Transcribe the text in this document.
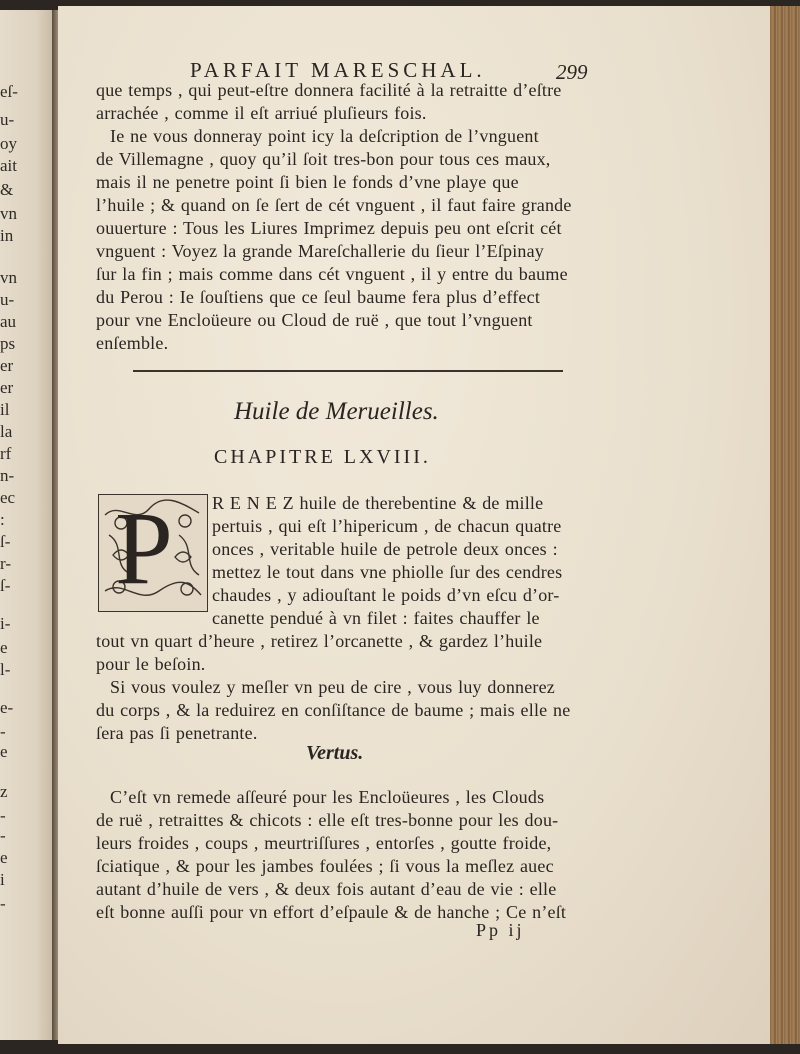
eſ-
u-
oy
ait
&
vn
in
vn
u-
au
ps
er
er
il
la
rf
n-
ec
:
ſ-
r-
ſ-
i-
e
l-
e-
-
e
z
-
-
e
i
-
PARFAIT MARESCHAL.	299
que temps , qui peut-eſtre donnera facilité à la retraitte d’eſtre
arrachée , comme il eſt arriué pluſieurs fois.
Ie ne vous donneray point icy la deſcription de l’vnguent
de Villemagne , quoy qu’il ſoit tres-bon pour tous ces maux,
mais il ne penetre point ſi bien le fonds d’vne playe que
l’huile ; & quand on ſe ſert de cét vnguent , il faut faire grande
ouuerture : Tous les Liures Imprimez depuis peu ont eſcrit cét
vnguent : Voyez la grande Mareſchallerie du ſieur l’Eſpinay
ſur la fin ; mais comme dans cét vnguent , il y entre du baume
du Perou : Ie ſouſtiens que ce ſeul baume fera plus d’effect
pour vne Encloüeure ou Cloud de ruë , que tout l’vnguent
enſemble.
Huile de Merueilles.
CHAPITRE LXVIII.
P R E N E Z huile de therebentine & de mille
pertuis , qui eſt l’hipericum , de chacun quatre
onces , veritable huile de petrole deux onces :
mettez le tout dans vne phiolle ſur des cendres
chaudes , y adiouſtant le poids d’vn eſcu d’or-
canette pendué à vn filet : faites chauffer le
tout vn quart d’heure , retirez l’orcanette , & gardez l’huile
pour le beſoin.
Si vous voulez y meſler vn peu de cire , vous luy donnerez
du corps , & la reduirez en conſiſtance de baume ; mais elle ne
ſera pas ſi penetrante.
Vertus.
C’eſt vn remede aſſeuré pour les Encloüeures , les Clouds
de ruë , retraittes & chicots : elle eſt tres-bonne pour les dou-
leurs froides , coups , meurtriſſures , entorſes , goutte froide,
ſciatique , & pour les jambes foulées ; ſi vous la meſlez auec
autant d’huile de vers , & deux fois autant d’eau de vie : elle
eſt bonne auſſi pour vn effort d’eſpaule & de hanche ; Ce n’eſt
Pp ij
